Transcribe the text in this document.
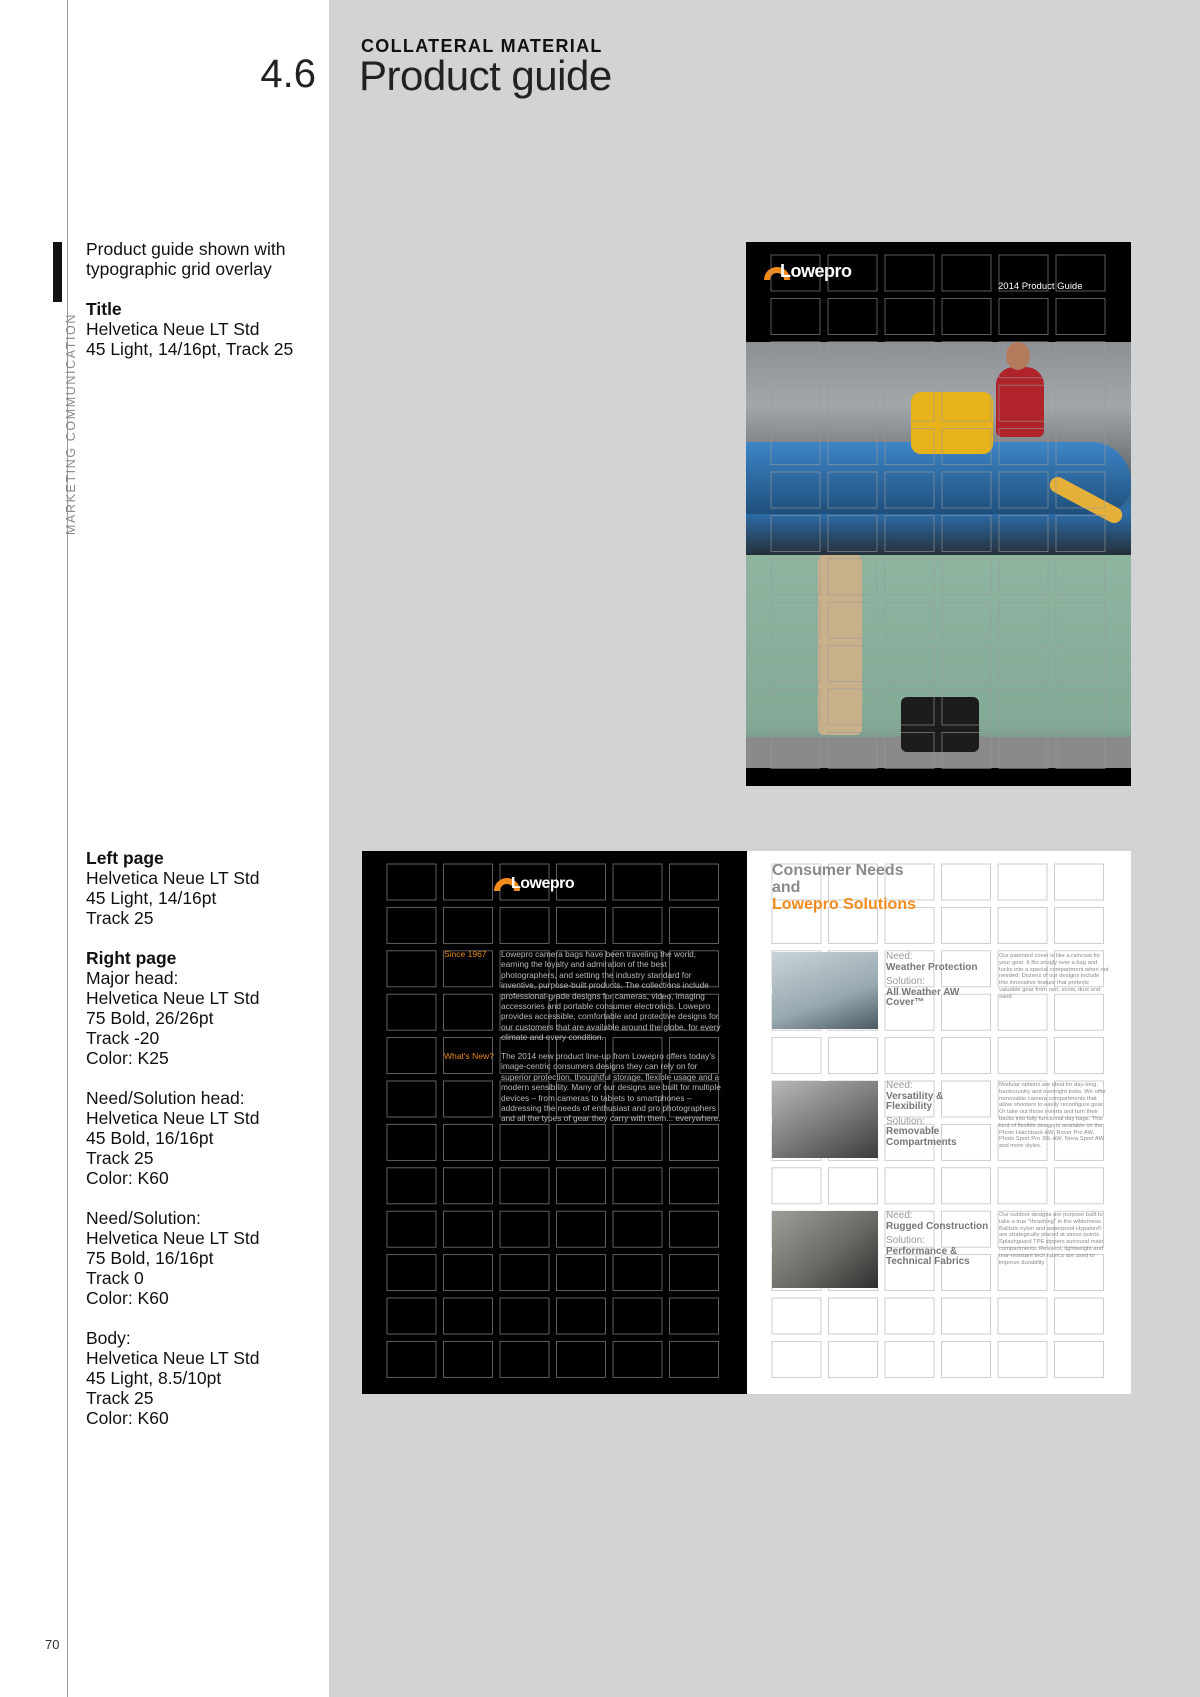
MARKETING COMMUNICATION
70
4.6
COLLATERAL MATERIAL
Product guide

Product guide shown with typographic grid overlay

Title
Helvetica Neue LT Std
45 Light, 14/16pt, Track 25

Left page
Helvetica Neue LT Std
45 Light, 14/16pt
Track 25

Right page
Major head:
Helvetica Neue LT Std
75 Bold, 26/26pt
Track -20
Color: K25

Need/Solution head:
Helvetica Neue LT Std
45 Bold, 16/16pt
Track 25
Color: K60

Need/Solution:
Helvetica Neue LT Std
75 Bold, 16/16pt
Track 0
Color: K60

Body:
Helvetica Neue LT Std
45 Light, 8.5/10pt
Track 25
Color: K60

Lowepro
2014 Product Guide
Lowepro
Since 1967 Lowepro camera bags have been traveling the world, earning the loyalty and admiration of the best photographers, and setting the industry standard for inventive, purpose-built products. The collections include professional-grade designs for cameras, video, imaging accessories and portable consumer electronics. Lowepro provides accessible, comfortable and protective designs for our customers that are available around the globe, for every climate and every condition.
What's New? The 2014 new product line-up from Lowepro offers today's image-centric consumers designs they can rely on for superior protection, thoughtful storage, flexible usage and a modern sensibility. Many of our designs are built for multiple devices – from cameras to tablets to smartphones – addressing the needs of enthusiast and pro photographers and all the types of gear they carry with them... everywhere.
Consumer Needs and
Lowepro Solutions
Need:
Weather Protection

Solution:
All Weather AW Cover™
Our patented cover is like a raincoat for your gear. It fits snugly over a bag and tucks into a special compartment when not needed. Dozens of our designs include this innovative feature that protects valuable gear from rain, snow, dust and sand.
Need:
Versatility & Flexibility

Solution:
Removable Compartments
Modular options are ideal for day-long, backcountry and overnight treks. We offer removable camera compartments that allow shooters to easily reconfigure gear. Or take out those inserts and turn their backs into fully functional day bags. This kind of flexible design is available on the Photo Hatchback AW, Rover Pro AW, Photo Sport Pro 30L AW, Nova Sport AW and more styles.
Need:
Rugged Construction

Solution:
Performance & Technical Fabrics
Our outdoor designs are purpose built to take a true "thrashing" in the wilderness. Ballistic nylon and waterproof Hypalon® are strategically placed at stress points. Splashguard TPE zippers surround main compartments. Resilient, lightweight and tear-resistant tech fabrics are used to improve durability.
